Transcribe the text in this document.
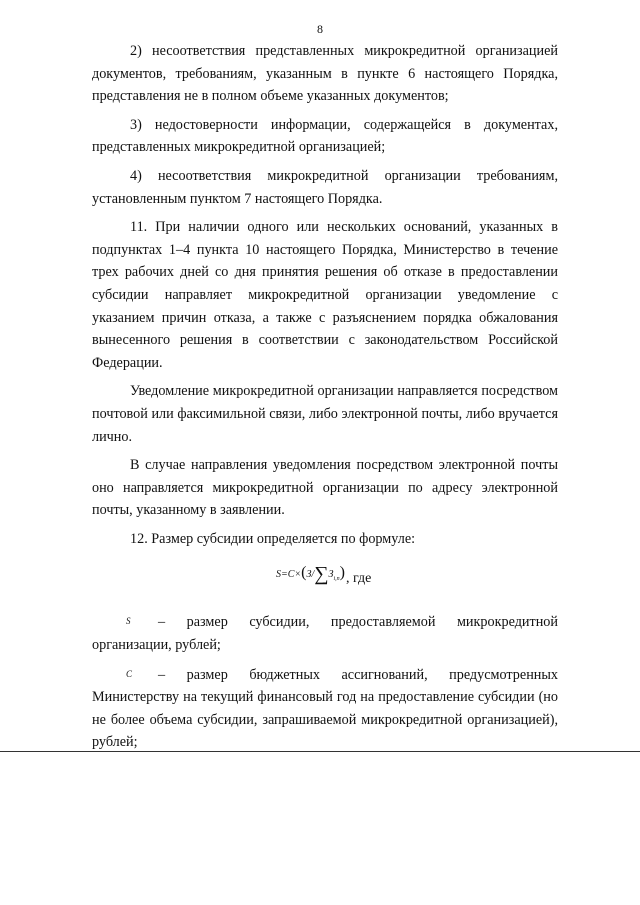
8

2) несоответствия представленных микрокредитной организацией документов, требованиям, указанным в пункте 6 настоящего Порядка, представления не в полном объеме указанных документов;

3) недостоверности информации, содержащейся в документах, представленных микрокредитной организацией;

4) несоответствия микрокредитной организации требованиям, установленным пунктом 7 настоящего Порядка.

11. При наличии одного или нескольких оснований, указанных в подпунктах 1–4 пункта 10 настоящего Порядка, Министерство в течение трех рабочих дней со дня принятия решения об отказе в предоставлении субсидии направляет микрокредитной организации уведомление с указанием причин отказа, а также с разъяснением порядка обжалования вынесенного решения в соответствии с законодательством Российской Федерации.

Уведомление микрокредитной организации направляется посредством почтовой или факсимильной связи, либо электронной почты, либо вручается лично.

В случае направления уведомления посредством электронной почты оно направляется микрокредитной организации по адресу электронной почты, указанному в заявлении.

12. Размер субсидии определяется по формуле:

$S=C\times(З/\sum З_{i,n})$ , где

S – размер субсидии, предоставляемой микрокредитной организации, рублей;

C – размер бюджетных ассигнований, предусмотренных Министерству на текущий финансовый год на предоставление субсидии (но не более объема субсидии, запрашиваемой микрокредитной организацией), рублей;
